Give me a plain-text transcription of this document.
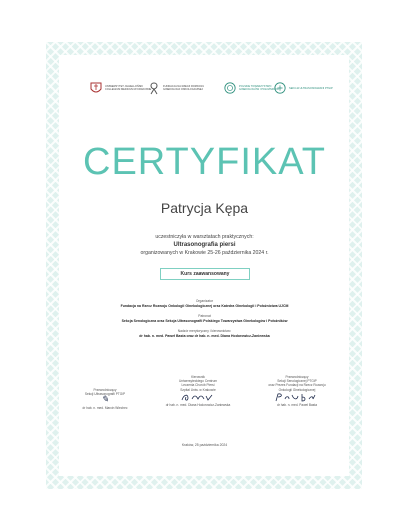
UNIWERSYTET JAGIELLOŃSKI COLLEGIUM MEDICUM W KRAKOWIE
FUNDACJA NA RZECZ ROZWOJU GINEKOLOGII ONKOLOGICZNEJ
POLSKIE TOWARZYSTWO GINEKOLOGÓW I POŁOŻNIKÓW	SEKCJA ULTRASONOGRAFII PTGIP
CERTYFIKAT
Patrycja Kępa
uczestniczyła w warsztatach praktycznych:
Ultrasonografia piersi
organizowanych w Krakowie 25-26 października 2024 r.
Kurs zaawansowany
Organizator
Fundacja na Rzecz Rozwoju Onkologii Ginekologicznej oraz Katedra Ginekologii i Położnictwa UJCM
Patronat
Sekcja Senologiczna oraz Sekcja Ultrasonografii Polskiego Towarzystwa Ginekologów i Położników
Nadzór merytoryczny i kierownictwo:
dr hab. n. med. Paweł Basta oraz dr hab. n. med. Diana Hodorowicz-Zaniewska
Przewodniczący
Sekcji Ultrasonografii PTGiP
✎
dr hab. n. med. Marcin Wiechec
Kierownik
Uniwersyteckiego Centrum
Leczenia Chorób Piersi
Szpital Uniw. w Krakowie
dr hab. n. med. Diana Hodorowicz-Zaniewska
Przewodniczący
Sekcji Senologicznej PTGiP
oraz Prezes Fundacji na Rzecz Rozwoju
Onkologii Ginekologicznej
dr hab. n. med. Paweł Basta
Kraków, 25 października 2024
